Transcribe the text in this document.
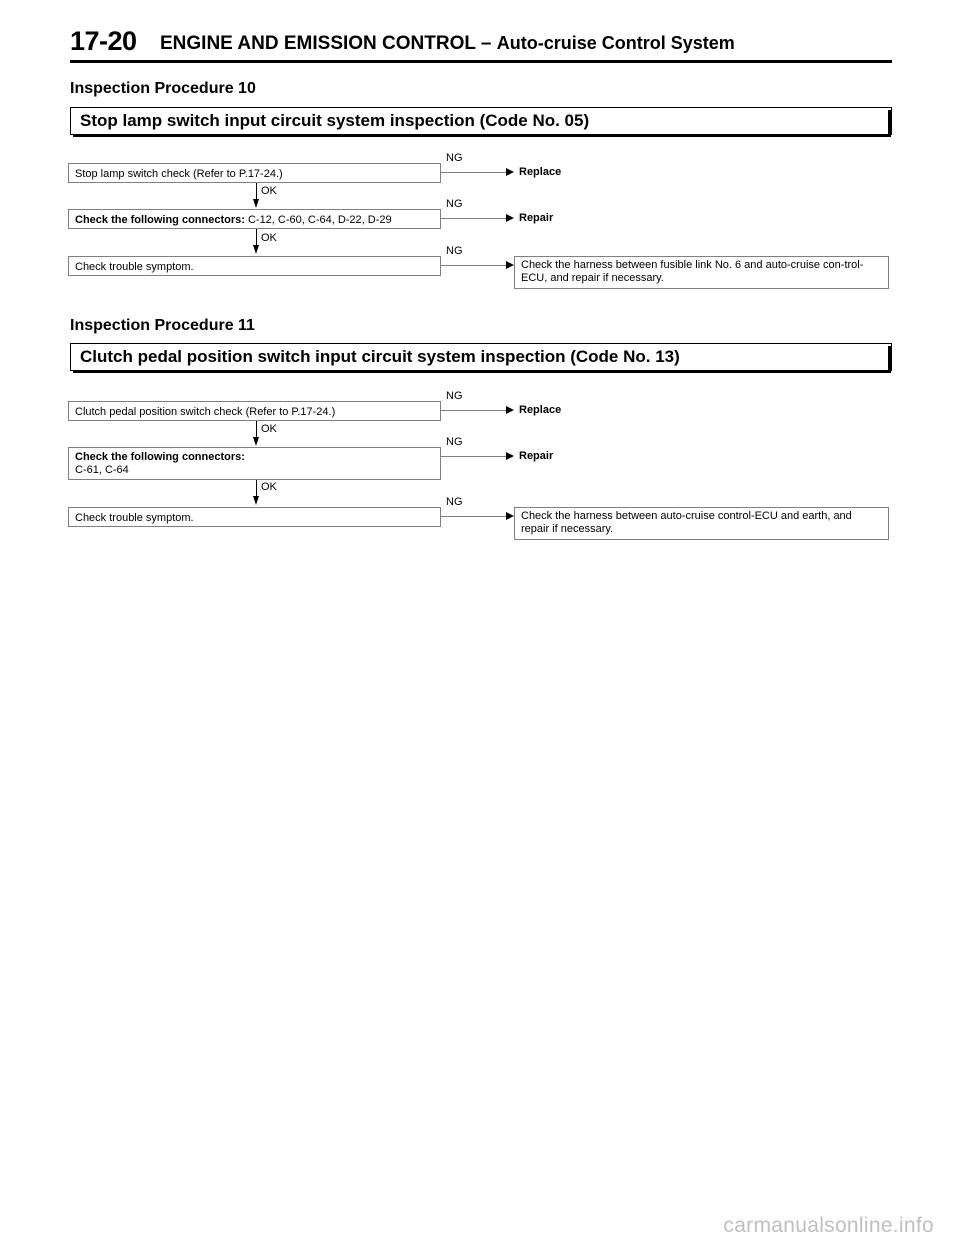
17-20 ENGINE AND EMISSION CONTROL – Auto-cruise Control System
Inspection Procedure 10
Stop lamp switch input circuit system inspection (Code No. 05)
Stop lamp switch check (Refer to P.17-24.)
NG
Replace
OK
Check the following connectors: C-12, C-60, C-64, D-22, D-29
NG
Repair
OK
Check trouble symptom.
NG
Check the harness between fusible link No. 6 and auto-cruise con-trol-ECU, and repair if necessary.
Inspection Procedure 11
Clutch pedal position switch input circuit system inspection (Code No. 13)
Clutch pedal position switch check (Refer to P.17-24.)
NG
Replace
OK
Check the following connectors:
C-61, C-64
NG
Repair
OK
Check trouble symptom.
NG
Check the harness between auto-cruise control-ECU and earth, and repair if necessary.
carmanualsonline.info
